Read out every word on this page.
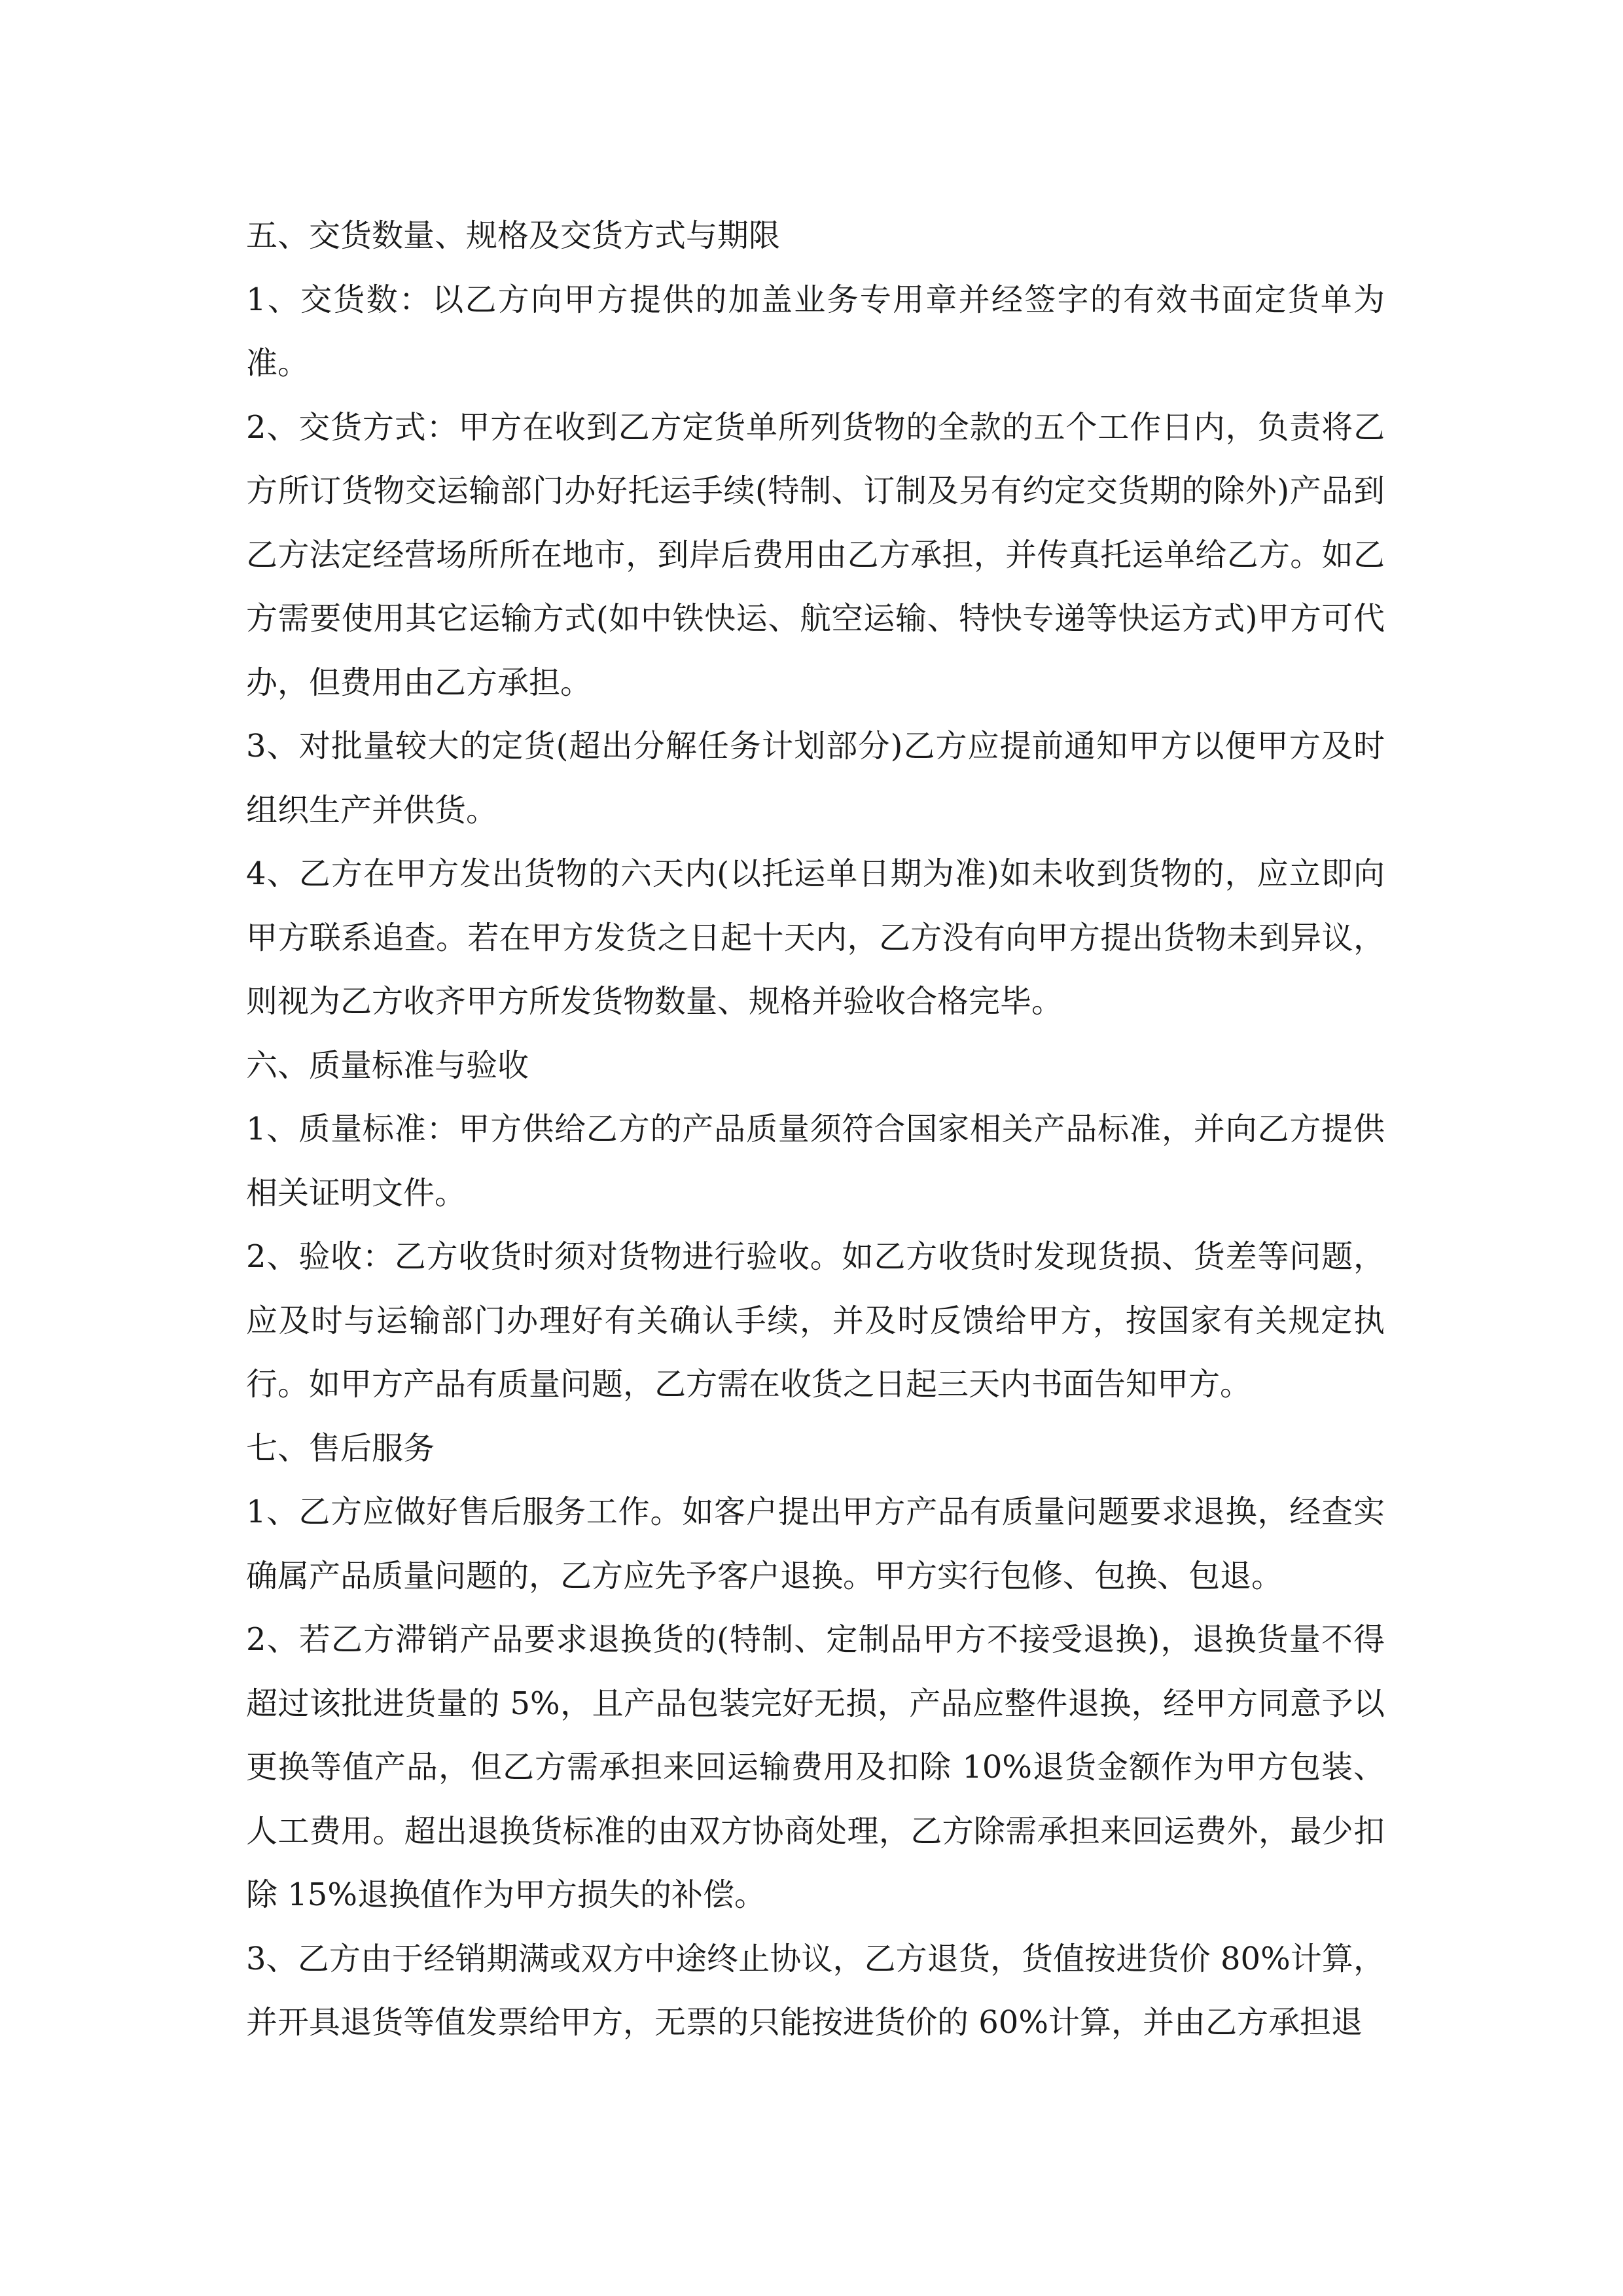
五、交货数量、规格及交货方式与期限

1、交货数：以乙方向甲方提供的加盖业务专用章并经签字的有效书面定货单为准。

2、交货方式：甲方在收到乙方定货单所列货物的全款的五个工作日内，负责将乙方所订货物交运输部门办好托运手续(特制、订制及另有约定交货期的除外)产品到乙方法定经营场所所在地市，到岸后费用由乙方承担，并传真托运单给乙方。如乙方需要使用其它运输方式(如中铁快运、航空运输、特快专递等快运方式)甲方可代办，但费用由乙方承担。

3、对批量较大的定货(超出分解任务计划部分)乙方应提前通知甲方以便甲方及时组织生产并供货。

4、乙方在甲方发出货物的六天内(以托运单日期为准)如未收到货物的，应立即向甲方联系追查。若在甲方发货之日起十天内，乙方没有向甲方提出货物未到异议，则视为乙方收齐甲方所发货物数量、规格并验收合格完毕。

六、质量标准与验收

1、质量标准：甲方供给乙方的产品质量须符合国家相关产品标准，并向乙方提供相关证明文件。

2、验收：乙方收货时须对货物进行验收。如乙方收货时发现货损、货差等问题，应及时与运输部门办理好有关确认手续，并及时反馈给甲方，按国家有关规定执行。如甲方产品有质量问题，乙方需在收货之日起三天内书面告知甲方。

七、售后服务

1、乙方应做好售后服务工作。如客户提出甲方产品有质量问题要求退换，经查实确属产品质量问题的，乙方应先予客户退换。甲方实行包修、包换、包退。

2、若乙方滞销产品要求退换货的(特制、定制品甲方不接受退换)，退换货量不得超过该批进货量的 5%，且产品包装完好无损，产品应整件退换，经甲方同意予以更换等值产品，但乙方需承担来回运输费用及扣除 10%退货金额作为甲方包装、人工费用。超出退换货标准的由双方协商处理，乙方除需承担来回运费外，最少扣除 15%退换值作为甲方损失的补偿。

3、乙方由于经销期满或双方中途终止协议，乙方退货，货值按进货价 80%计算，并开具退货等值发票给甲方，无票的只能按进货价的 60%计算，并由乙方承担退
